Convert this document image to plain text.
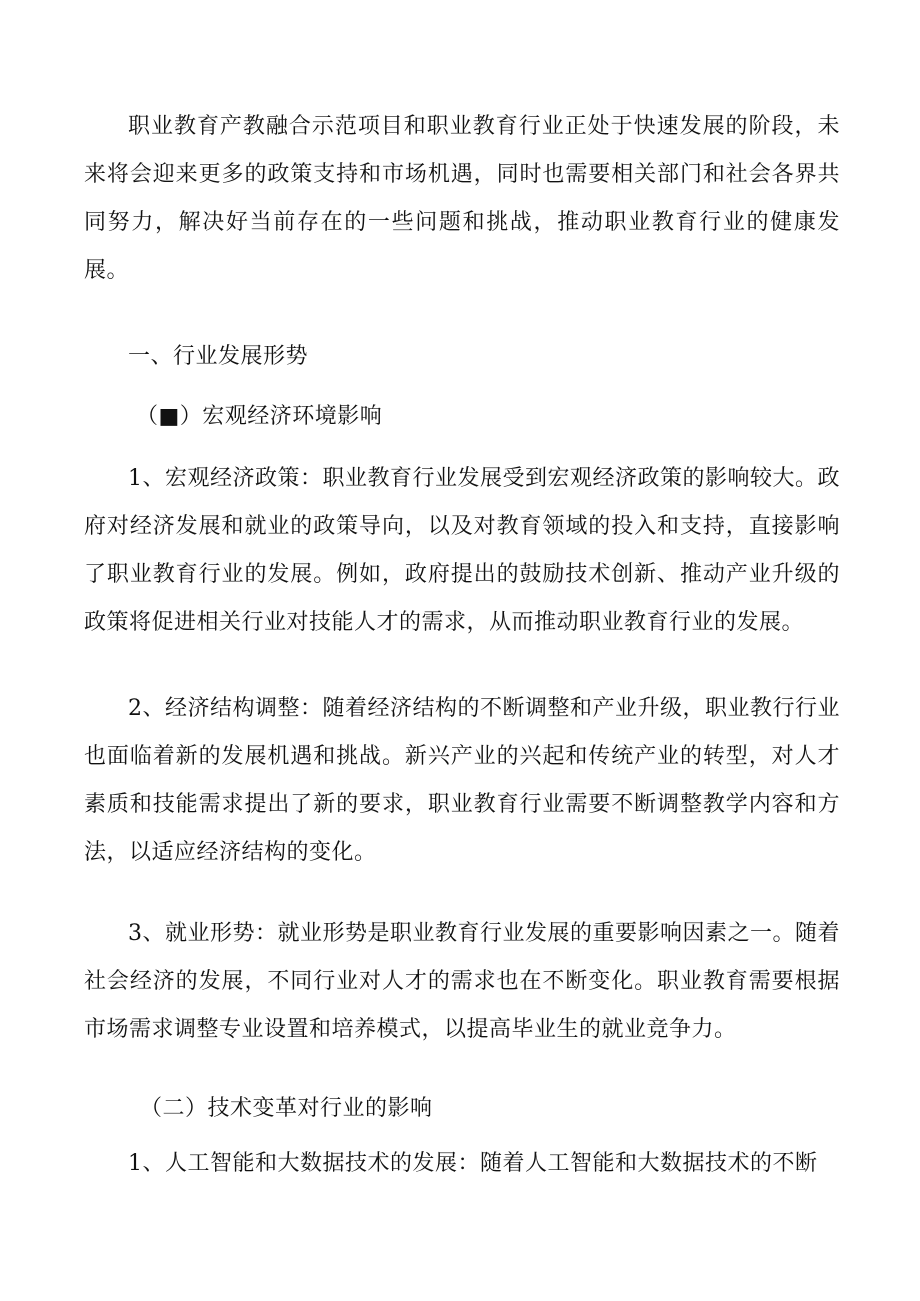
职业教育产教融合示范项目和职业教育行业正处于快速发展的阶段，未来将会迎来更多的政策支持和市场机遇，同时也需要相关部门和社会各界共同努力，解决好当前存在的一些问题和挑战，推动职业教育行业的健康发展。

一、行业发展形势

（■）宏观经济环境影响

1、宏观经济政策：职业教育行业发展受到宏观经济政策的影响较大。政府对经济发展和就业的政策导向，以及对教育领域的投入和支持，直接影响了职业教育行业的发展。例如，政府提出的鼓励技术创新、推动产业升级的政策将促进相关行业对技能人才的需求，从而推动职业教育行业的发展。

2、经济结构调整：随着经济结构的不断调整和产业升级，职业教行行业也面临着新的发展机遇和挑战。新兴产业的兴起和传统产业的转型，对人才素质和技能需求提出了新的要求，职业教育行业需要不断调整教学内容和方法，以适应经济结构的变化。

3、就业形势：就业形势是职业教育行业发展的重要影响因素之一。随着社会经济的发展，不同行业对人才的需求也在不断变化。职业教育需要根据市场需求调整专业设置和培养模式，以提高毕业生的就业竞争力。

（二）技术变革对行业的影响

1、人工智能和大数据技术的发展：随着人工智能和大数据技术的不断
